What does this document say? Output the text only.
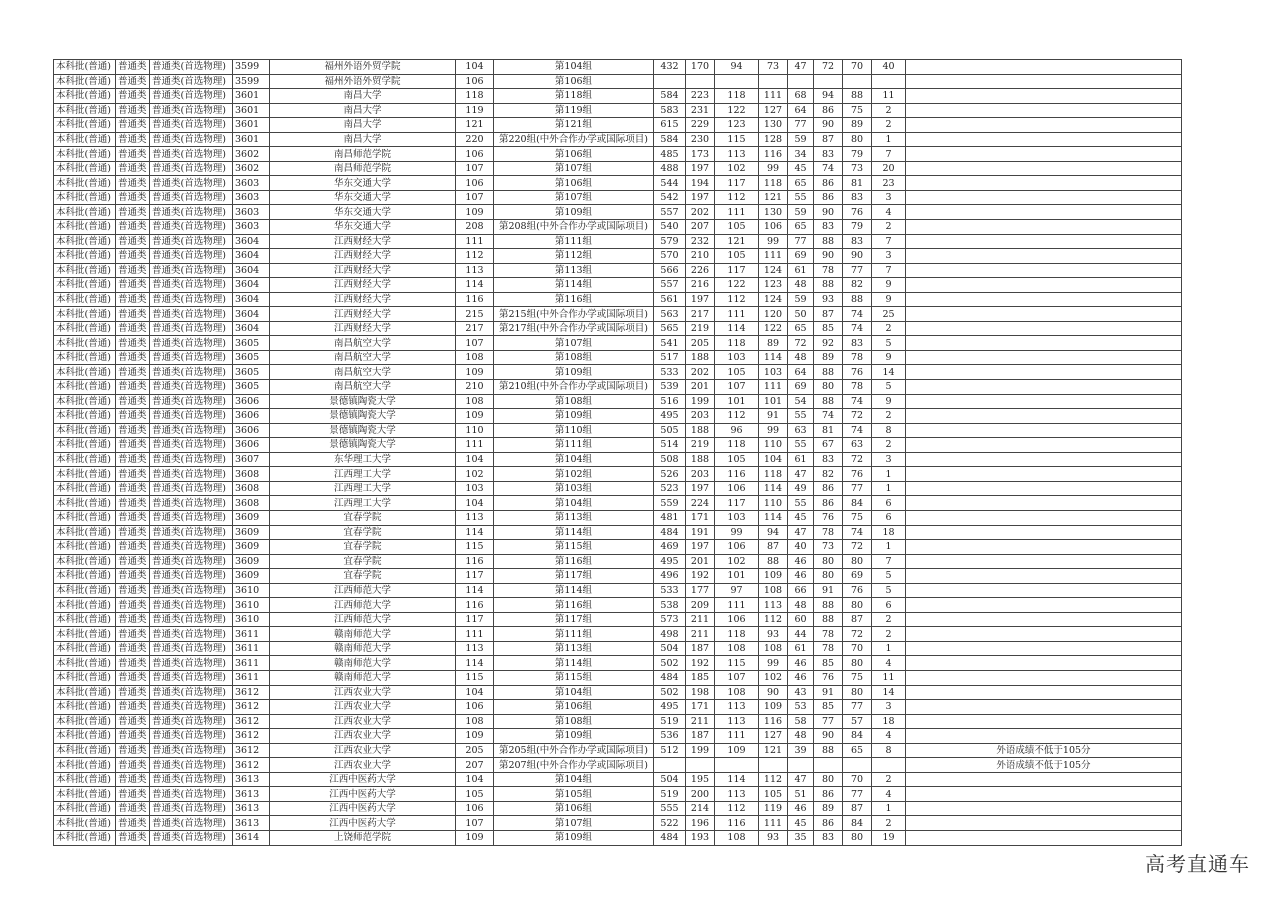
本科批(普通)	普通类	普通类(首选物理)	3599	福州外语外贸学院	104	第104组	432	170	94	73	47	72	70	40	
本科批(普通)	普通类	普通类(首选物理)	3599	福州外语外贸学院	106	第106组									
本科批(普通)	普通类	普通类(首选物理)	3601	南昌大学	118	第118组	584	223	118	111	68	94	88	11	
本科批(普通)	普通类	普通类(首选物理)	3601	南昌大学	119	第119组	583	231	122	127	64	86	75	2	
本科批(普通)	普通类	普通类(首选物理)	3601	南昌大学	121	第121组	615	229	123	130	77	90	89	2	
本科批(普通)	普通类	普通类(首选物理)	3601	南昌大学	220	第220组(中外合作办学或国际项目)	584	230	115	128	59	87	80	1	
本科批(普通)	普通类	普通类(首选物理)	3602	南昌师范学院	106	第106组	485	173	113	116	34	83	79	7	
本科批(普通)	普通类	普通类(首选物理)	3602	南昌师范学院	107	第107组	488	197	102	99	45	74	73	20	
本科批(普通)	普通类	普通类(首选物理)	3603	华东交通大学	106	第106组	544	194	117	118	65	86	81	23	
本科批(普通)	普通类	普通类(首选物理)	3603	华东交通大学	107	第107组	542	197	112	121	55	86	83	3	
本科批(普通)	普通类	普通类(首选物理)	3603	华东交通大学	109	第109组	557	202	111	130	59	90	76	4	
本科批(普通)	普通类	普通类(首选物理)	3603	华东交通大学	208	第208组(中外合作办学或国际项目)	540	207	105	106	65	83	79	2	
本科批(普通)	普通类	普通类(首选物理)	3604	江西财经大学	111	第111组	579	232	121	99	77	88	83	7	
本科批(普通)	普通类	普通类(首选物理)	3604	江西财经大学	112	第112组	570	210	105	111	69	90	90	3	
本科批(普通)	普通类	普通类(首选物理)	3604	江西财经大学	113	第113组	566	226	117	124	61	78	77	7	
本科批(普通)	普通类	普通类(首选物理)	3604	江西财经大学	114	第114组	557	216	122	123	48	88	82	9	
本科批(普通)	普通类	普通类(首选物理)	3604	江西财经大学	116	第116组	561	197	112	124	59	93	88	9	
本科批(普通)	普通类	普通类(首选物理)	3604	江西财经大学	215	第215组(中外合作办学或国际项目)	563	217	111	120	50	87	74	25	
本科批(普通)	普通类	普通类(首选物理)	3604	江西财经大学	217	第217组(中外合作办学或国际项目)	565	219	114	122	65	85	74	2	
本科批(普通)	普通类	普通类(首选物理)	3605	南昌航空大学	107	第107组	541	205	118	89	72	92	83	5	
本科批(普通)	普通类	普通类(首选物理)	3605	南昌航空大学	108	第108组	517	188	103	114	48	89	78	9	
本科批(普通)	普通类	普通类(首选物理)	3605	南昌航空大学	109	第109组	533	202	105	103	64	88	76	14	
本科批(普通)	普通类	普通类(首选物理)	3605	南昌航空大学	210	第210组(中外合作办学或国际项目)	539	201	107	111	69	80	78	5	
本科批(普通)	普通类	普通类(首选物理)	3606	景德镇陶瓷大学	108	第108组	516	199	101	101	54	88	74	9	
本科批(普通)	普通类	普通类(首选物理)	3606	景德镇陶瓷大学	109	第109组	495	203	112	91	55	74	72	2	
本科批(普通)	普通类	普通类(首选物理)	3606	景德镇陶瓷大学	110	第110组	505	188	96	99	63	81	74	8	
本科批(普通)	普通类	普通类(首选物理)	3606	景德镇陶瓷大学	111	第111组	514	219	118	110	55	67	63	2	
本科批(普通)	普通类	普通类(首选物理)	3607	东华理工大学	104	第104组	508	188	105	104	61	83	72	3	
本科批(普通)	普通类	普通类(首选物理)	3608	江西理工大学	102	第102组	526	203	116	118	47	82	76	1	
本科批(普通)	普通类	普通类(首选物理)	3608	江西理工大学	103	第103组	523	197	106	114	49	86	77	1	
本科批(普通)	普通类	普通类(首选物理)	3608	江西理工大学	104	第104组	559	224	117	110	55	86	84	6	
本科批(普通)	普通类	普通类(首选物理)	3609	宜春学院	113	第113组	481	171	103	114	45	76	75	6	
本科批(普通)	普通类	普通类(首选物理)	3609	宜春学院	114	第114组	484	191	99	94	47	78	74	18	
本科批(普通)	普通类	普通类(首选物理)	3609	宜春学院	115	第115组	469	197	106	87	40	73	72	1	
本科批(普通)	普通类	普通类(首选物理)	3609	宜春学院	116	第116组	495	201	102	88	46	80	80	7	
本科批(普通)	普通类	普通类(首选物理)	3609	宜春学院	117	第117组	496	192	101	109	46	80	69	5	
本科批(普通)	普通类	普通类(首选物理)	3610	江西师范大学	114	第114组	533	177	97	108	66	91	76	5	
本科批(普通)	普通类	普通类(首选物理)	3610	江西师范大学	116	第116组	538	209	111	113	48	88	80	6	
本科批(普通)	普通类	普通类(首选物理)	3610	江西师范大学	117	第117组	573	211	106	112	60	88	87	2	
本科批(普通)	普通类	普通类(首选物理)	3611	赣南师范大学	111	第111组	498	211	118	93	44	78	72	2	
本科批(普通)	普通类	普通类(首选物理)	3611	赣南师范大学	113	第113组	504	187	108	108	61	78	70	1	
本科批(普通)	普通类	普通类(首选物理)	3611	赣南师范大学	114	第114组	502	192	115	99	46	85	80	4	
本科批(普通)	普通类	普通类(首选物理)	3611	赣南师范大学	115	第115组	484	185	107	102	46	76	75	11	
本科批(普通)	普通类	普通类(首选物理)	3612	江西农业大学	104	第104组	502	198	108	90	43	91	80	14	
本科批(普通)	普通类	普通类(首选物理)	3612	江西农业大学	106	第106组	495	171	113	109	53	85	77	3	
本科批(普通)	普通类	普通类(首选物理)	3612	江西农业大学	108	第108组	519	211	113	116	58	77	57	18	
本科批(普通)	普通类	普通类(首选物理)	3612	江西农业大学	109	第109组	536	187	111	127	48	90	84	4	
本科批(普通)	普通类	普通类(首选物理)	3612	江西农业大学	205	第205组(中外合作办学或国际项目)	512	199	109	121	39	88	65	8	外语成绩不低于105分
本科批(普通)	普通类	普通类(首选物理)	3612	江西农业大学	207	第207组(中外合作办学或国际项目)									外语成绩不低于105分
本科批(普通)	普通类	普通类(首选物理)	3613	江西中医药大学	104	第104组	504	195	114	112	47	80	70	2	
本科批(普通)	普通类	普通类(首选物理)	3613	江西中医药大学	105	第105组	519	200	113	105	51	86	77	4	
本科批(普通)	普通类	普通类(首选物理)	3613	江西中医药大学	106	第106组	555	214	112	119	46	89	87	1	
本科批(普通)	普通类	普通类(首选物理)	3613	江西中医药大学	107	第107组	522	196	116	111	45	86	84	2	
本科批(普通)	普通类	普通类(首选物理)	3614	上饶师范学院	109	第109组	484	193	108	93	35	83	80	19	
高考直通车
